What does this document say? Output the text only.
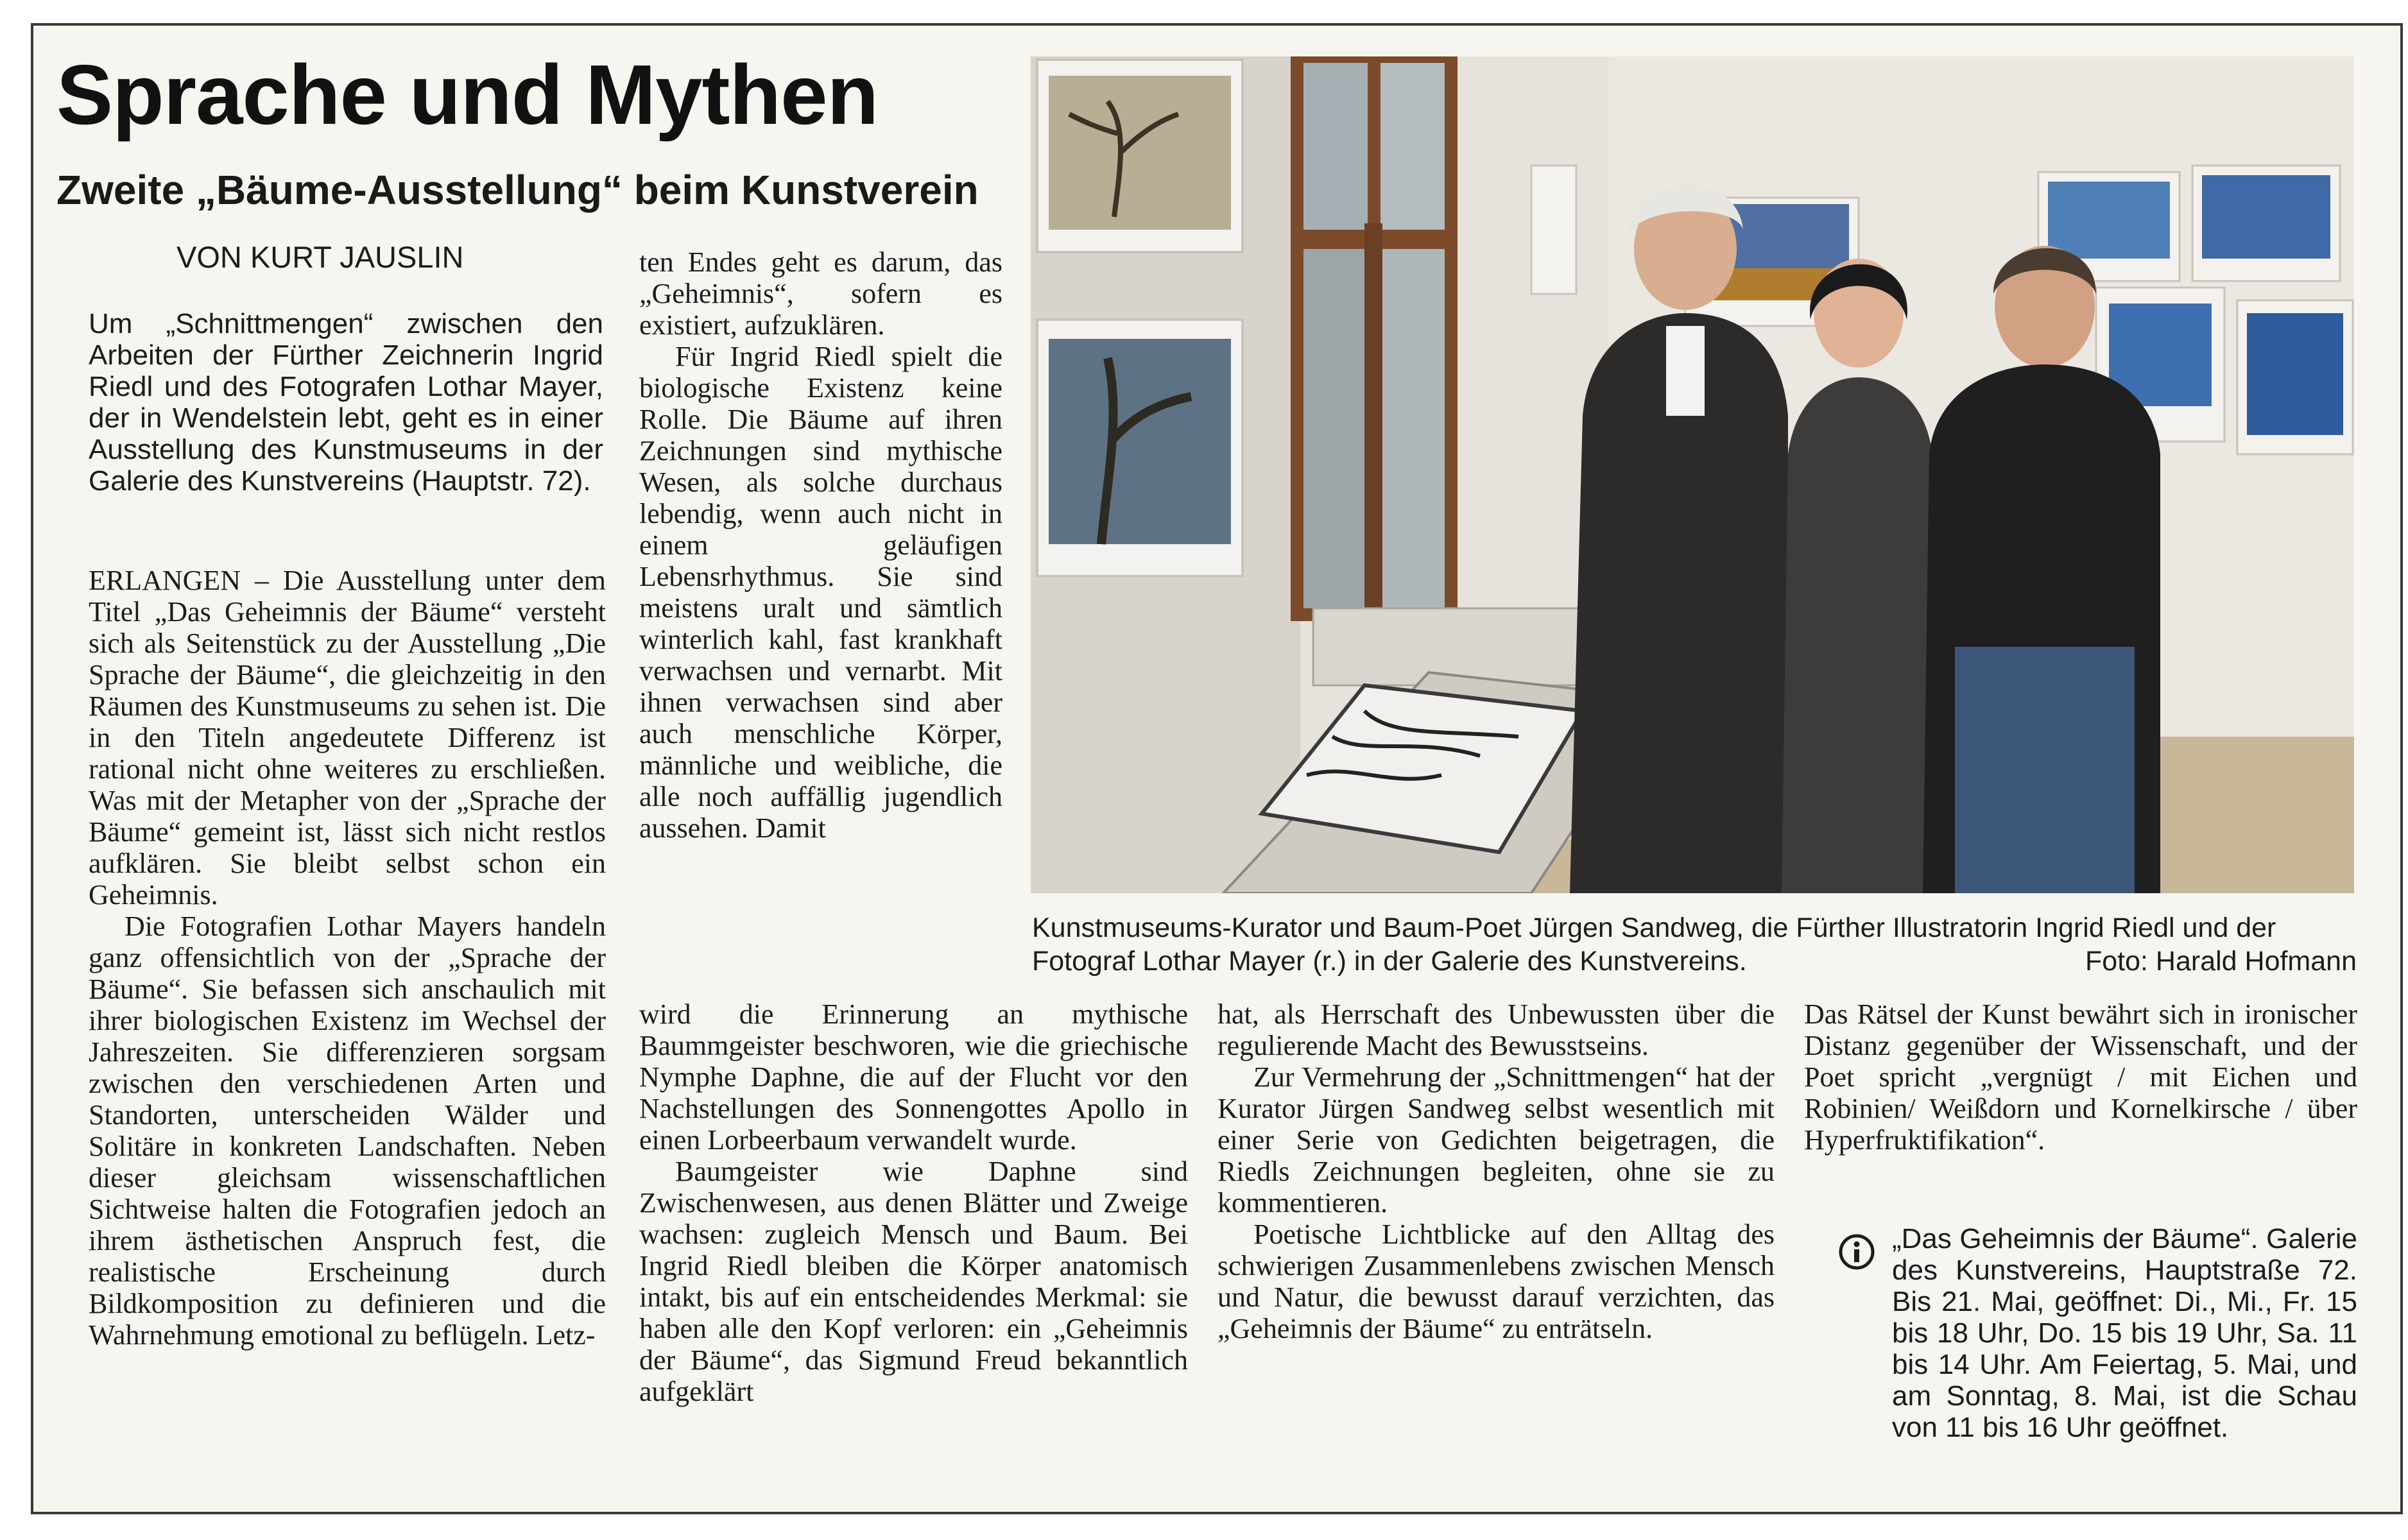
Sprache und Mythen
Zweite „Bäume-Ausstellung“ beim Kunstverein
VON KURT JAUSLIN

Um „Schnittmengen“ zwischen den Arbeiten der Fürther Zeichnerin Ingrid Riedl und des Fotografen Lothar Mayer, der in Wendelstein lebt, geht es in einer Ausstellung des Kunstmuseums in der Galerie des Kunstvereins (Hauptstr. 72).

ERLANGEN – Die Ausstellung unter dem Titel „Das Geheimnis der Bäume“ versteht sich als Seitenstück zu der Ausstellung „Die Sprache der Bäume“, die gleichzeitig in den Räumen des Kunstmuseums zu sehen ist. Die in den Titeln angedeutete Differenz ist rational nicht ohne weiteres zu erschließen. Was mit der Metapher von der „Sprache der Bäume“ gemeint ist, lässt sich nicht restlos aufklären. Sie bleibt selbst schon ein Geheimnis.

Die Fotografien Lothar Mayers handeln ganz offensichtlich von der „Sprache der Bäume“. Sie befassen sich anschaulich mit ihrer biologischen Existenz im Wechsel der Jahreszeiten. Sie differenzieren sorgsam zwischen den verschiedenen Arten und Standorten, unterscheiden Wälder und Solitäre in konkreten Landschaften. Neben dieser gleichsam wissenschaftlichen Sichtweise halten die Fotografien jedoch an ihrem ästhetischen Anspruch fest, die realistische Erscheinung durch Bildkomposition zu definieren und die Wahrnehmung emotional zu beflügeln. Letz-

ten Endes geht es darum, das „Geheimnis“, sofern es existiert, aufzuklären.

Für Ingrid Riedl spielt die biologische Existenz keine Rolle. Die Bäume auf ihren Zeichnungen sind mythische Wesen, als solche durchaus lebendig, wenn auch nicht in einem geläufigen Lebensrhythmus. Sie sind meistens uralt und sämtlich winterlich kahl, fast krankhaft verwachsen und vernarbt. Mit ihnen verwachsen sind aber auch menschliche Körper, männliche und weibliche, die alle noch auffällig jugendlich aussehen. Damit

wird die Erinnerung an mythische Baummgeister beschworen, wie die griechische Nymphe Daphne, die auf der Flucht vor den Nachstellungen des Sonnengottes Apollo in einen Lorbeerbaum verwandelt wurde.

Baumgeister wie Daphne sind Zwischenwesen, aus denen Blätter und Zweige wachsen: zugleich Mensch und Baum. Bei Ingrid Riedl bleiben die Körper anatomisch intakt, bis auf ein entscheidendes Merkmal: sie haben alle den Kopf verloren: ein „Geheimnis der Bäume“, das Sigmund Freud bekanntlich aufgeklärt

hat, als Herrschaft des Unbewussten über die regulierende Macht des Bewusstseins.

Zur Vermehrung der „Schnittmengen“ hat der Kurator Jürgen Sandweg selbst wesentlich mit einer Serie von Gedichten beigetragen, die Riedls Zeichnungen begleiten, ohne sie zu kommentieren.

Poetische Lichtblicke auf den Alltag des schwierigen Zusammenlebens zwischen Mensch und Natur, die bewusst darauf verzichten, das „Geheimnis der Bäume“ zu enträtseln.

Das Rätsel der Kunst bewährt sich in ironischer Distanz gegenüber der Wissenschaft, und der Poet spricht „vergnügt / mit Eichen und Robinien/ Weißdorn und Kornelkirsche / über Hyperfruktifikation“.

„Das Geheimnis der Bäume“. Galerie des Kunstvereins, Hauptstraße 72. Bis 21. Mai, geöffnet: Di., Mi., Fr. 15 bis 18 Uhr, Do. 15 bis 19 Uhr, Sa. 11 bis 14 Uhr. Am Feiertag, 5. Mai, und am Sonntag, 8. Mai, ist die Schau von 11 bis 16 Uhr geöffnet.

Kunstmuseums-Kurator und Baum-Poet Jürgen Sandweg, die Fürther Illustratorin Ingrid Riedl und der Fotograf Lothar Mayer (r.) in der Galerie des Kunstvereins.	Foto: Harald Hofmann
